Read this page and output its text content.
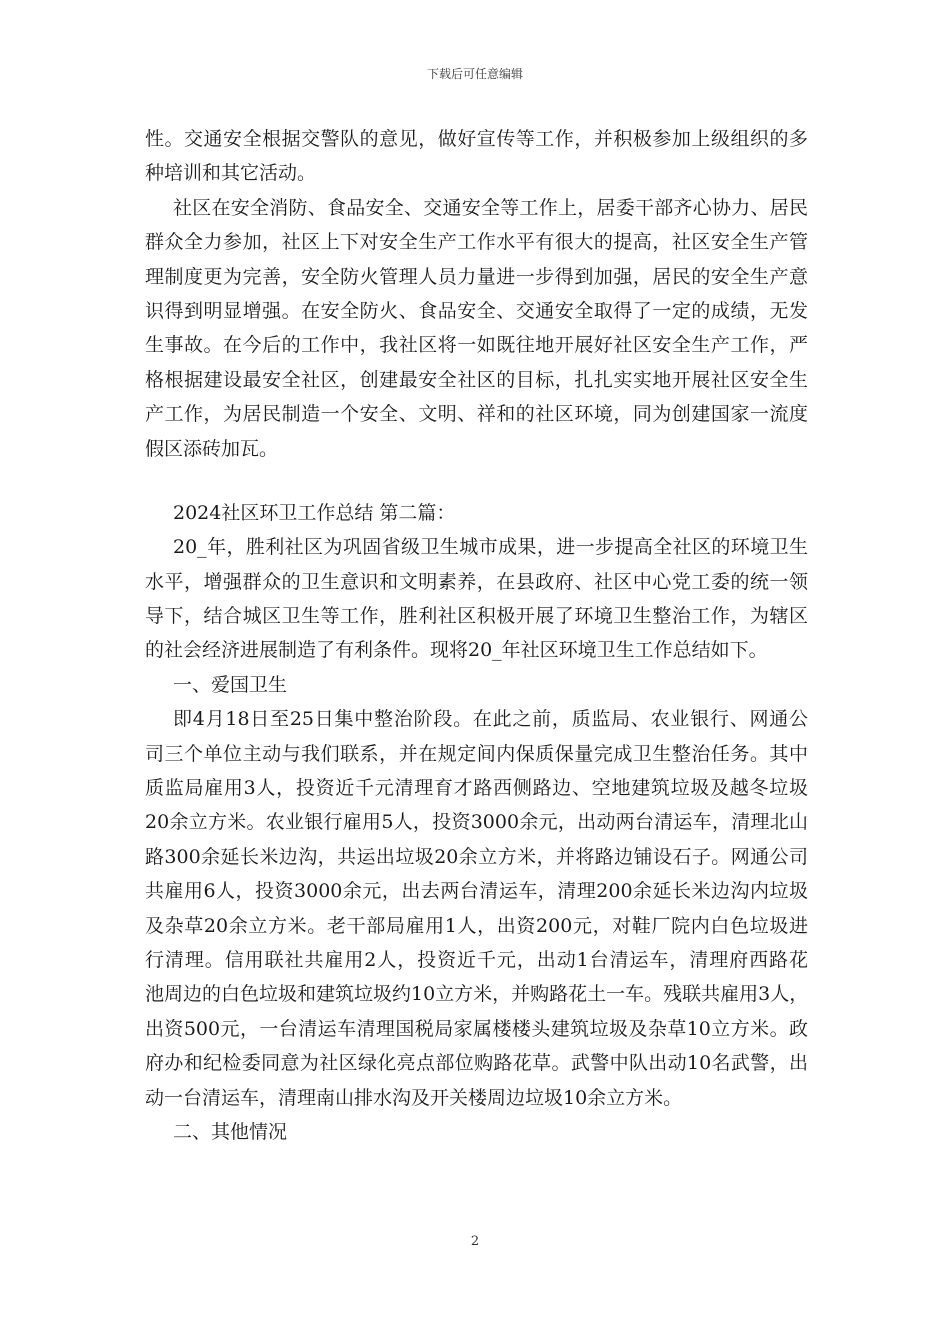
下载后可任意编辑
性。交通安全根据交警队的意见，做好宣传等工作，并积极参加上级组织的多
种培训和其它活动。
社区在安全消防、食品安全、交通安全等工作上，居委干部齐心协力、居民
群众全力参加，社区上下对安全生产工作水平有很大的提高，社区安全生产管
理制度更为完善，安全防火管理人员力量进一步得到加强，居民的安全生产意
识得到明显增强。在安全防火、食品安全、交通安全取得了一定的成绩，无发
生事故。在今后的工作中，我社区将一如既往地开展好社区安全生产工作，严
格根据建设最安全社区，创建最安全社区的目标，扎扎实实地开展社区安全生
产工作，为居民制造一个安全、文明、祥和的社区环境，同为创建国家一流度
假区添砖加瓦。
2024社区环卫工作总结 第二篇：
20_年，胜利社区为巩固省级卫生城市成果，进一步提高全社区的环境卫生
水平，增强群众的卫生意识和文明素养，在县政府、社区中心党工委的统一领
导下，结合城区卫生等工作，胜利社区积极开展了环境卫生整治工作，为辖区
的社会经济进展制造了有利条件。现将20_年社区环境卫生工作总结如下。
一、爱国卫生
即4月18日至25日集中整治阶段。在此之前，质监局、农业银行、网通公
司三个单位主动与我们联系，并在规定间内保质保量完成卫生整治任务。其中
质监局雇用3人，投资近千元清理育才路西侧路边、空地建筑垃圾及越冬垃圾
20余立方米。农业银行雇用5人，投资3000余元，出动两台清运车，清理北山
路300余延长米边沟，共运出垃圾20余立方米，并将路边铺设石子。网通公司
共雇用6人，投资3000余元，出去两台清运车，清理200余延长米边沟内垃圾
及杂草20余立方米。老干部局雇用1人，出资200元，对鞋厂院内白色垃圾进
行清理。信用联社共雇用2人，投资近千元，出动1台清运车，清理府西路花
池周边的白色垃圾和建筑垃圾约10立方米，并购路花土一车。残联共雇用3人，
出资500元，一台清运车清理国税局家属楼楼头建筑垃圾及杂草10立方米。政
府办和纪检委同意为社区绿化亮点部位购路花草。武警中队出动10名武警，出
动一台清运车，清理南山排水沟及开关楼周边垃圾10余立方米。
二、其他情况
2
